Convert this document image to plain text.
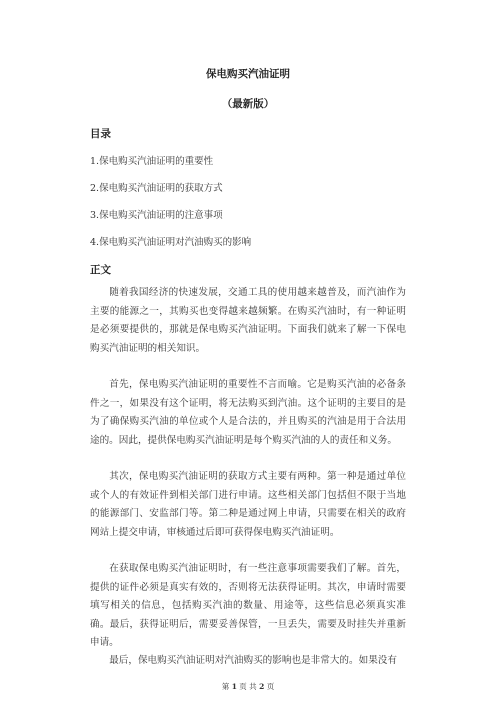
保电购买汽油证明
（最新版）
目录
1.保电购买汽油证明的重要性
2.保电购买汽油证明的获取方式
3.保电购买汽油证明的注意事项
4.保电购买汽油证明对汽油购买的影响
正文

随着我国经济的快速发展，交通工具的使用越来越普及，而汽油作为主要的能源之一，其购买也变得越来越频繁。在购买汽油时，有一种证明是必须要提供的，那就是保电购买汽油证明。下面我们就来了解一下保电购买汽油证明的相关知识。

首先，保电购买汽油证明的重要性不言而喻。它是购买汽油的必备条件之一，如果没有这个证明，将无法购买到汽油。这个证明的主要目的是为了确保购买汽油的单位或个人是合法的，并且购买的汽油是用于合法用途的。因此，提供保电购买汽油证明是每个购买汽油的人的责任和义务。

其次，保电购买汽油证明的获取方式主要有两种。第一种是通过单位或个人的有效证件到相关部门进行申请。这些相关部门包括但不限于当地的能源部门、安监部门等。第二种是通过网上申请，只需要在相关的政府网站上提交申请，审核通过后即可获得保电购买汽油证明。

在获取保电购买汽油证明时，有一些注意事项需要我们了解。首先，提供的证件必须是真实有效的，否则将无法获得证明。其次，申请时需要填写相关的信息，包括购买汽油的数量、用途等，这些信息必须真实准确。最后，获得证明后，需要妥善保管，一旦丢失，需要及时挂失并重新申请。

最后，保电购买汽油证明对汽油购买的影响也是非常大的。如果没有

第 1 页 共 2 页
